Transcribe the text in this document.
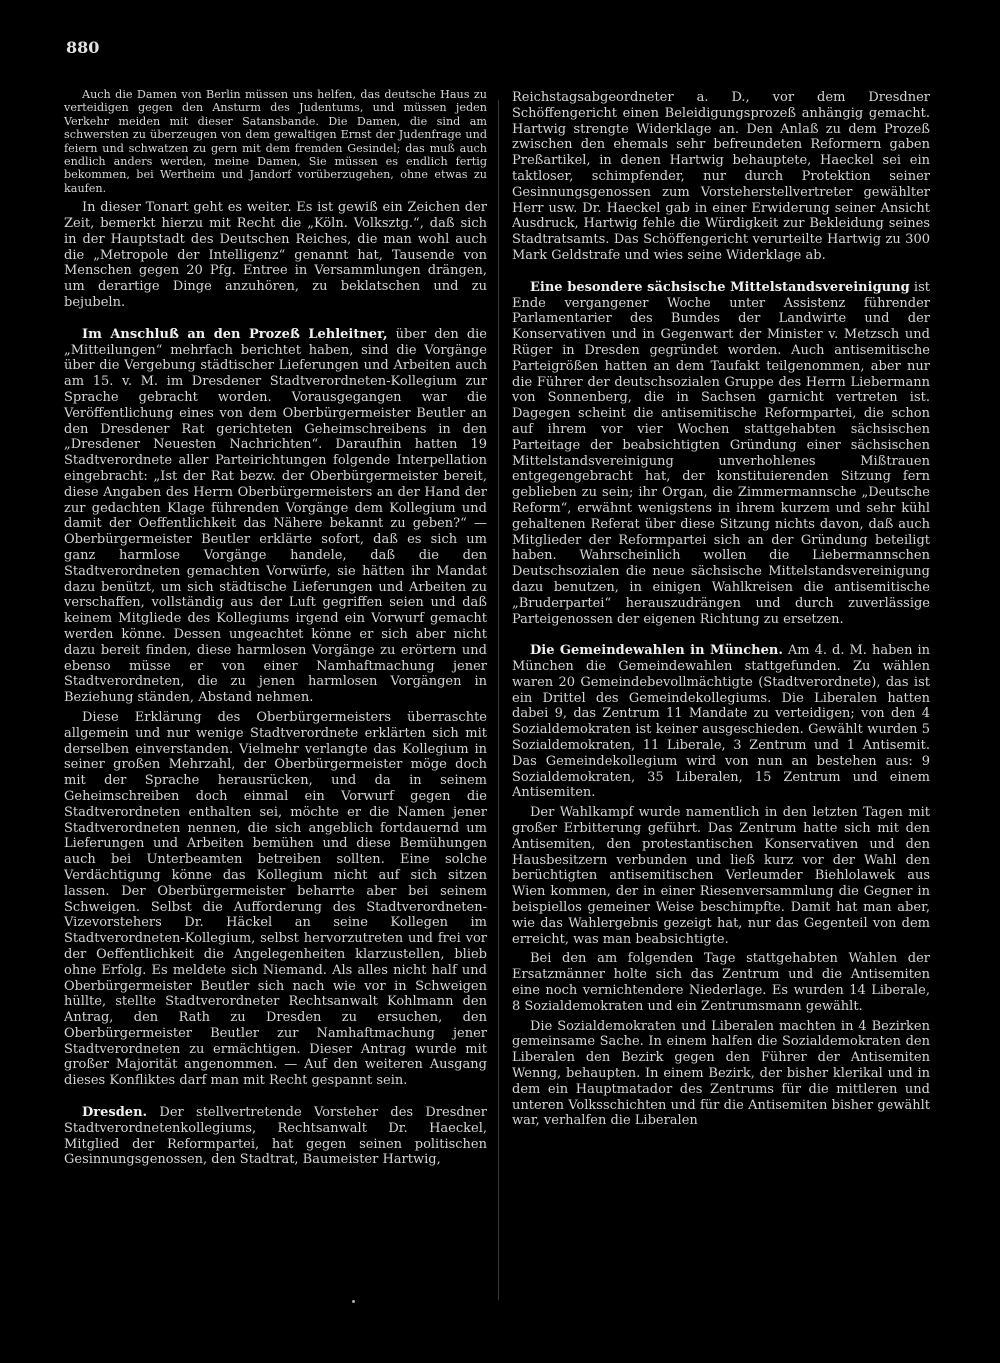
880

Auch die Damen von Berlin müssen uns helfen, das deutsche Haus zu verteidigen gegen den Ansturm des Judentums, und müssen jeden Verkehr meiden mit dieser Satansbande. Die Damen, die sind am schwersten zu überzeugen von dem gewaltigen Ernst der Judenfrage und feiern und schwatzen zu gern mit dem fremden Gesindel; das muß auch endlich anders werden, meine Damen, Sie müssen es endlich fertig bekommen, bei Wertheim und Jandorf vorüberzugehen, ohne etwas zu kaufen.

In dieser Tonart geht es weiter. Es ist gewiß ein Zeichen der Zeit, bemerkt hierzu mit Recht die „Köln. Volksztg.“, daß sich in der Hauptstadt des Deutschen Reiches, die man wohl auch die „Metropole der Intelligenz“ genannt hat, Tausende von Menschen gegen 20 Pfg. Entree in Versammlungen drängen, um derartige Dinge anzuhören, zu beklatschen und zu bejubeln.

Im Anschluß an den Prozeß Lehleitner, über den die „Mitteilungen“ mehrfach berichtet haben, sind die Vorgänge über die Vergebung städtischer Lieferungen und Arbeiten auch am 15. v. M. im Dresdener Stadtverordneten-Kollegium zur Sprache gebracht worden. Vorausgegangen war die Veröffentlichung eines von dem Oberbürgermeister Beutler an den Dresdener Rat gerichteten Geheimschreibens in den „Dresdener Neuesten Nachrichten“. Daraufhin hatten 19 Stadtverordnete aller Parteirichtungen folgende Interpellation eingebracht: „Ist der Rat bezw. der Oberbürgermeister bereit, diese Angaben des Herrn Oberbürgermeisters an der Hand der zur gedachten Klage führenden Vorgänge dem Kollegium und damit der Oeffentlichkeit das Nähere bekannt zu geben?“ — Oberbürgermeister Beutler erklärte sofort, daß es sich um ganz harmlose Vorgänge handele, daß die den Stadtverordneten gemachten Vorwürfe, sie hätten ihr Mandat dazu benützt, um sich städtische Lieferungen und Arbeiten zu verschaffen, vollständig aus der Luft gegriffen seien und daß keinem Mitgliede des Kollegiums irgend ein Vorwurf gemacht werden könne. Dessen ungeachtet könne er sich aber nicht dazu bereit finden, diese harmlosen Vorgänge zu erörtern und ebenso müsse er von einer Namhaftmachung jener Stadtverordneten, die zu jenen harmlosen Vorgängen in Beziehung ständen, Abstand nehmen.

Diese Erklärung des Oberbürgermeisters überraschte allgemein und nur wenige Stadtverordnete erklärten sich mit derselben einverstanden. Vielmehr verlangte das Kollegium in seiner großen Mehrzahl, der Oberbürgermeister möge doch mit der Sprache herausrücken, und da in seinem Geheimschreiben doch einmal ein Vorwurf gegen die Stadtverordneten enthalten sei, möchte er die Namen jener Stadtverordneten nennen, die sich angeblich fortdauernd um Lieferungen und Arbeiten bemühen und diese Bemühungen auch bei Unterbeamten betreiben sollten. Eine solche Verdächtigung könne das Kollegium nicht auf sich sitzen lassen. Der Oberbürgermeister beharrte aber bei seinem Schweigen. Selbst die Aufforderung des Stadtverordneten-Vizevorstehers Dr. Häckel an seine Kollegen im Stadtverordneten-Kollegium, selbst hervorzutreten und frei vor der Oeffentlichkeit die Angelegenheiten klarzustellen, blieb ohne Erfolg. Es meldete sich Niemand. Als alles nicht half und Oberbürgermeister Beutler sich nach wie vor in Schweigen hüllte, stellte Stadtverordneter Rechtsanwalt Kohlmann den Antrag, den Rath zu Dresden zu ersuchen, den Oberbürgermeister Beutler zur Namhaftmachung jener Stadtverordneten zu ermächtigen. Dieser Antrag wurde mit großer Majorität angenommen. — Auf den weiteren Ausgang dieses Konfliktes darf man mit Recht gespannt sein.

Dresden. Der stellvertretende Vorsteher des Dresdner Stadtverordnetenkollegiums, Rechtsanwalt Dr. Haeckel, Mitglied der Reformpartei, hat gegen seinen politischen Gesinnungsgenossen, den Stadtrat, Baumeister Hartwig,

Reichstagsabgeordneter a. D., vor dem Dresdner Schöffengericht einen Beleidigungsprozeß anhängig gemacht. Hartwig strengte Widerklage an. Den Anlaß zu dem Prozeß zwischen den ehemals sehr befreundeten Reformern gaben Preßartikel, in denen Hartwig behauptete, Haeckel sei ein taktloser, schimpfender, nur durch Protektion seiner Gesinnungsgenossen zum Vorsteherstellvertreter gewählter Herr usw. Dr. Haeckel gab in einer Erwiderung seiner Ansicht Ausdruck, Hartwig fehle die Würdigkeit zur Bekleidung seines Stadtratsamts. Das Schöffengericht verurteilte Hartwig zu 300 Mark Geldstrafe und wies seine Widerklage ab.

Eine besondere sächsische Mittelstandsvereinigung ist Ende vergangener Woche unter Assistenz führender Parlamentarier des Bundes der Landwirte und der Konservativen und in Gegenwart der Minister v. Metzsch und Rüger in Dresden gegründet worden. Auch antisemitische Parteigrößen hatten an dem Taufakt teilgenommen, aber nur die Führer der deutschsozialen Gruppe des Herrn Liebermann von Sonnenberg, die in Sachsen garnicht vertreten ist. Dagegen scheint die antisemitische Reformpartei, die schon auf ihrem vor vier Wochen stattgehabten sächsischen Parteitage der beabsichtigten Gründung einer sächsischen Mittelstandsvereinigung unverhohlenes Mißtrauen entgegengebracht hat, der konstituierenden Sitzung fern geblieben zu sein; ihr Organ, die Zimmermannsche „Deutsche Reform“, erwähnt wenigstens in ihrem kurzem und sehr kühl gehaltenen Referat über diese Sitzung nichts davon, daß auch Mitglieder der Reformpartei sich an der Gründung beteiligt haben. Wahrscheinlich wollen die Liebermannschen Deutschsozialen die neue sächsische Mittelstandsvereinigung dazu benutzen, in einigen Wahlkreisen die antisemitische „Bruderpartei“ herauszudrängen und durch zuverlässige Parteigenossen der eigenen Richtung zu ersetzen.

Die Gemeindewahlen in München. Am 4. d. M. haben in München die Gemeindewahlen stattgefunden. Zu wählen waren 20 Gemeindebevollmächtigte (Stadtverordnete), das ist ein Drittel des Gemeindekollegiums. Die Liberalen hatten dabei 9, das Zentrum 11 Mandate zu verteidigen; von den 4 Sozialdemokraten ist keiner ausgeschieden. Gewählt wurden 5 Sozialdemokraten, 11 Liberale, 3 Zentrum und 1 Antisemit. Das Gemeindekollegium wird von nun an bestehen aus: 9 Sozialdemokraten, 35 Liberalen, 15 Zentrum und einem Antisemiten.

Der Wahlkampf wurde namentlich in den letzten Tagen mit großer Erbitterung geführt. Das Zentrum hatte sich mit den Antisemiten, den protestantischen Konservativen und den Hausbesitzern verbunden und ließ kurz vor der Wahl den berüchtigten antisemitischen Verleumder Biehlolawek aus Wien kommen, der in einer Riesenversammlung die Gegner in beispiellos gemeiner Weise beschimpfte. Damit hat man aber, wie das Wahlergebnis gezeigt hat, nur das Gegenteil von dem erreicht, was man beabsichtigte.

Bei den am folgenden Tage stattgehabten Wahlen der Ersatzmänner holte sich das Zentrum und die Antisemiten eine noch vernichtendere Niederlage. Es wurden 14 Liberale, 8 Sozialdemokraten und ein Zentrumsmann gewählt.

Die Sozialdemokraten und Liberalen machten in 4 Bezirken gemeinsame Sache. In einem halfen die Sozialdemokraten den Liberalen den Bezirk gegen den Führer der Antisemiten Wenng, behaupten. In einem Bezirk, der bisher klerikal und in dem ein Hauptmatador des Zentrums für die mittleren und unteren Volksschichten und für die Antisemiten bisher gewählt war, verhalfen die Liberalen
